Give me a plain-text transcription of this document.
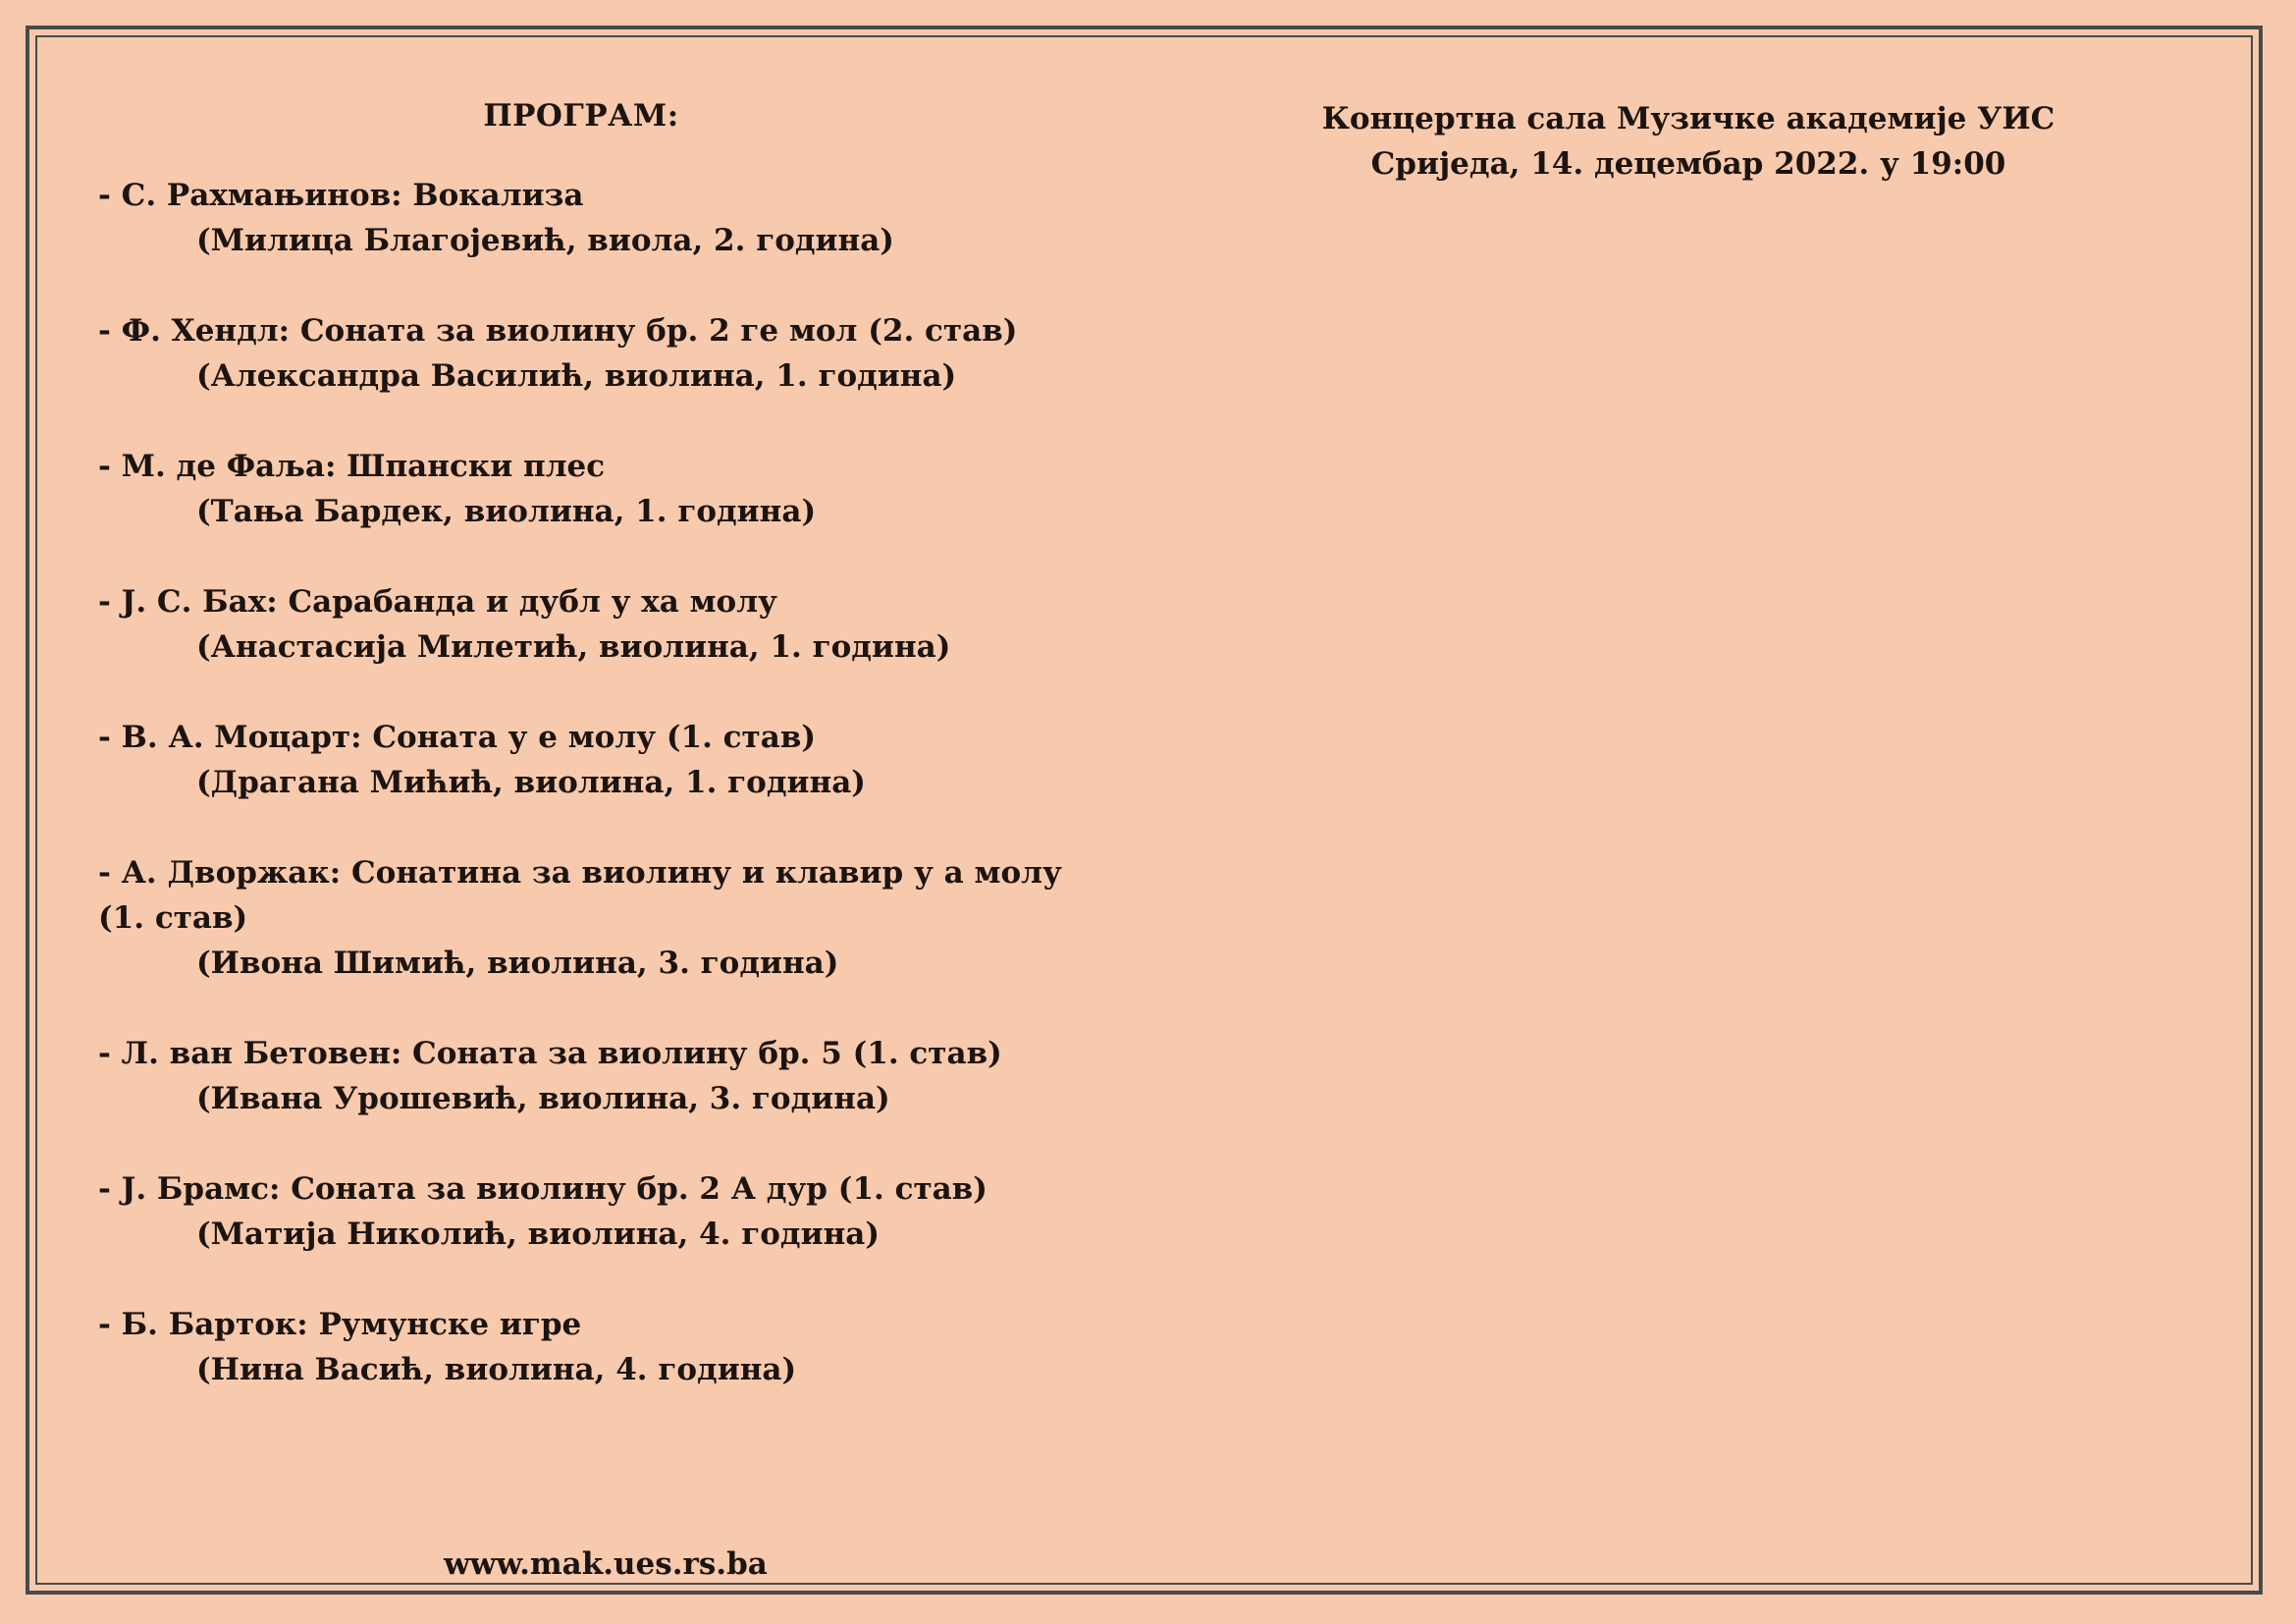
ПРОГРАМ:
- С. Рахмањинов: Вокализа
(Милица Благојевић, виола, 2. година)
- Ф. Хендл: Соната за виолину бр. 2 ге мол (2. став)
(Александра Василић, виолина, 1. година)
- М. де Фаља: Шпански плес
(Тања Бардек, виолина, 1. година)
- Ј. С. Бах: Сарабанда и дубл у ха молу
(Анастасија Милетић, виолина, 1. година)
- В. А. Моцарт: Соната у е молу (1. став)
(Драгана Мићић, виолина, 1. година)
- А. Дворжак: Сонатина за виолину и клавир у а молу (1. став)
(Ивона Шимић, виолина, 3. година)
- Л. ван Бетовен: Соната за виолину бр. 5 (1. став)
(Ивана Урошевић, виолина, 3. година)
- Ј. Брамс: Соната за виолину бр. 2 А дур (1. став)
(Матија Николић, виолина, 4. година)
- Б. Барток: Румунске игре
(Нина Васић, виолина, 4. година)
Концертна сала Музичке академије УИС
Сриједа, 14. децембар 2022. у 19:00
www.mak.ues.rs.ba
